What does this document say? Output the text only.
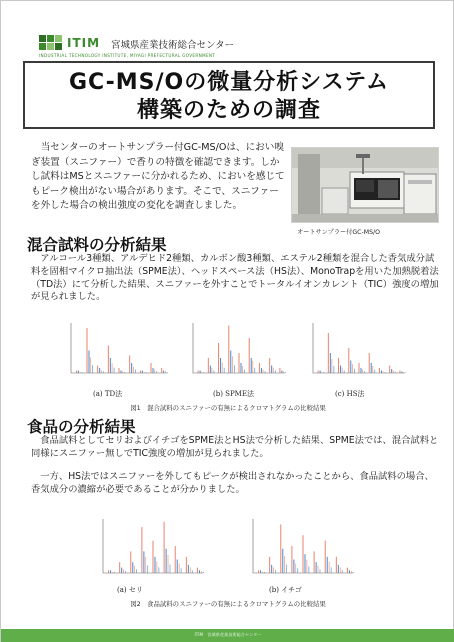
ITIM 宮城県産業技術総合センター
INDUSTRIAL TECHNOLOGY INSTITUTE, MIYAGI PREFECTURAL GOVERNMENT
GC-MS/Oの微量分析システム
構築のための調査
当センターのオートサンプラー付GC-MS/Oは、におい嗅ぎ装置（スニファー）で香りの特徴を確認できます。しかし試料はMSとスニファーに分かれるため、においを感じてもピーク検出がない場合があります。そこで、スニファーを外した場合の検出強度の変化を調査しました。
オートサンプラー付GC-MS/O
混合試料の分析結果
アルコール3種類、アルデヒド2種類、カルボン酸3種類、エステル2種類を混合した香気成分試料を固相マイクロ抽出法（SPME法）、ヘッドスペース法（HS法）、MonoTrapを用いた加熱脱着法（TD法）にて分析した結果、スニファーを外すことでトータルイオンカレント（TIC）強度の増加が見られました。
(a) TD法	(b) SPME法	(c) HS法
図1　混合試料のスニファーの有無によるクロマトグラムの比較結果
食品の分析結果
食品試料としてセリおよびイチゴをSPME法とHS法で分析した結果、SPME法では、混合試料と同様にスニファー無しでTIC強度の増加が見られました。
一方、HS法ではスニファーを外してもピークが検出されなかったことから、食品試料の場合、香気成分の濃縮が必要であることが分かりました。
(a) セリ	(b) イチゴ
図2　食品試料のスニファーの有無によるクロマトグラムの比較結果
ITIM　宮城県産業技術総合センター
